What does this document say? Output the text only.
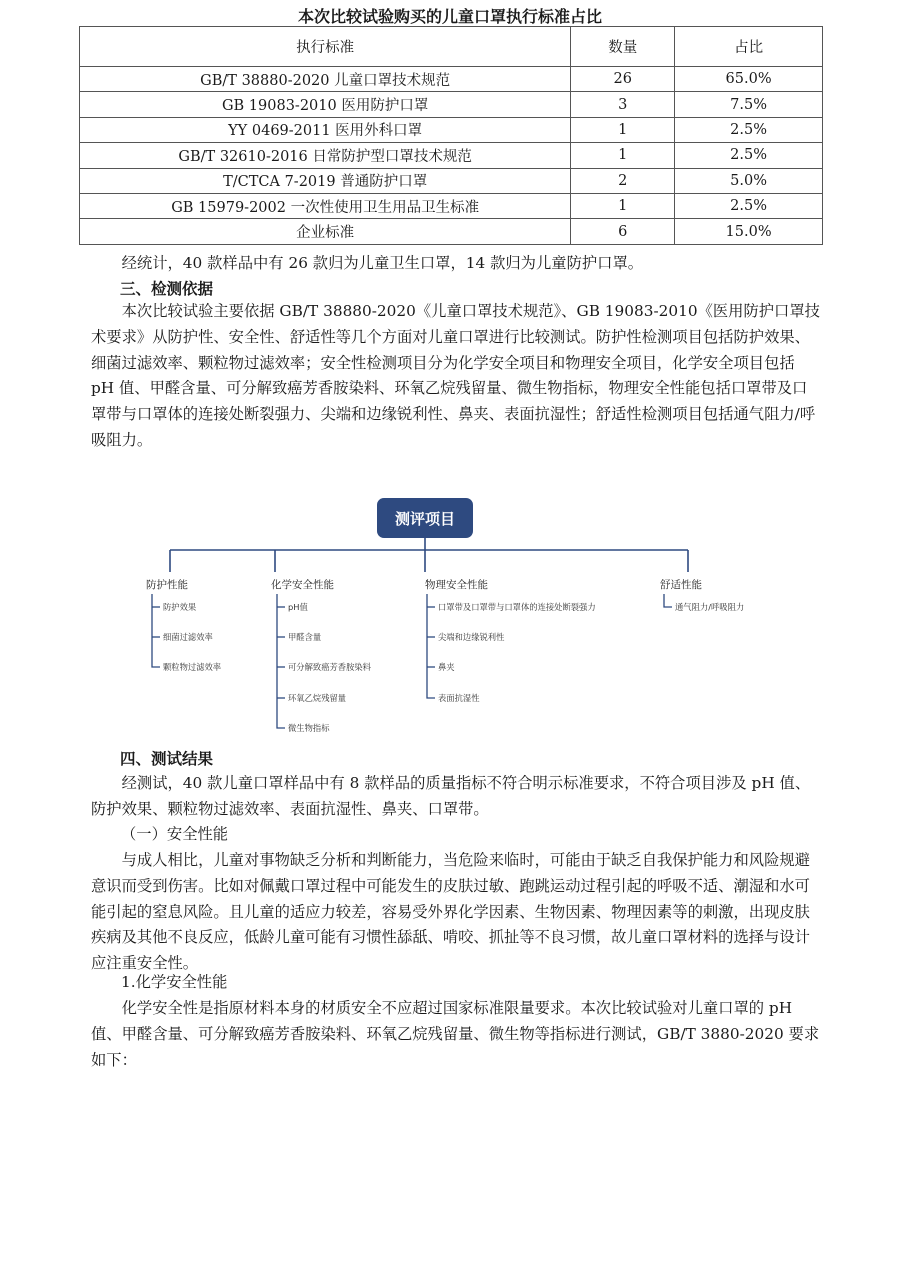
本次比较试验购买的儿童口罩执行标准占比
执行标准	数量	占比
GB/T 38880-2020 儿童口罩技术规范	26	65.0%
GB 19083-2010 医用防护口罩	3	7.5%
YY 0469-2011 医用外科口罩	1	2.5%
GB/T 32610-2016 日常防护型口罩技术规范	1	2.5%
T/CTCA 7-2019 普通防护口罩	2	5.0%
GB 15979-2002 一次性使用卫生用品卫生标准	1	2.5%
企业标准	6	15.0%
经统计，40 款样品中有 26 款归为儿童卫生口罩，14 款归为儿童防护口罩。
三、检测依据
本次比较试验主要依据 GB/T 38880-2020《儿童口罩技术规范》、GB 19083-2010《医用防护口罩技术要求》从防护性、安全性、舒适性等几个方面对儿童口罩进行比较测试。防护性检测项目包括防护效果、细菌过滤效率、颗粒物过滤效率；安全性检测项目分为化学安全项目和物理安全项目，化学安全项目包括 pH 值、甲醛含量、可分解致癌芳香胺染料、环氧乙烷残留量、微生物指标，物理安全性能包括口罩带及口罩带与口罩体的连接处断裂强力、尖端和边缘锐利性、鼻夹、表面抗湿性；舒适性检测项目包括通气阻力/呼吸阻力。
测评项目
防护性能	化学安全性能	物理安全性能	舒适性能
防护效果
细菌过滤效率
颗粒物过滤效率
pH值
甲醛含量
可分解致癌芳香胺染料
环氧乙烷残留量
微生物指标
口罩带及口罩带与口罩体的连接处断裂强力
尖端和边缘锐利性
鼻夹
表面抗湿性
通气阻力/呼吸阻力
四、测试结果
经测试，40 款儿童口罩样品中有 8 款样品的质量指标不符合明示标准要求，不符合项目涉及 pH 值、防护效果、颗粒物过滤效率、表面抗湿性、鼻夹、口罩带。
（一）安全性能
与成人相比，儿童对事物缺乏分析和判断能力，当危险来临时，可能由于缺乏自我保护能力和风险规避意识而受到伤害。比如对佩戴口罩过程中可能发生的皮肤过敏、跑跳运动过程引起的呼吸不适、潮湿和水可能引起的窒息风险。且儿童的适应力较差，容易受外界化学因素、生物因素、物理因素等的刺激，出现皮肤疾病及其他不良反应，低龄儿童可能有习惯性舔舐、啃咬、抓扯等不良习惯，故儿童口罩材料的选择与设计应注重安全性。
1.化学安全性能
化学安全性是指原材料本身的材质安全不应超过国家标准限量要求。本次比较试验对儿童口罩的 pH 值、甲醛含量、可分解致癌芳香胺染料、环氧乙烷残留量、微生物等指标进行测试，GB/T 3880-2020 要求如下：
